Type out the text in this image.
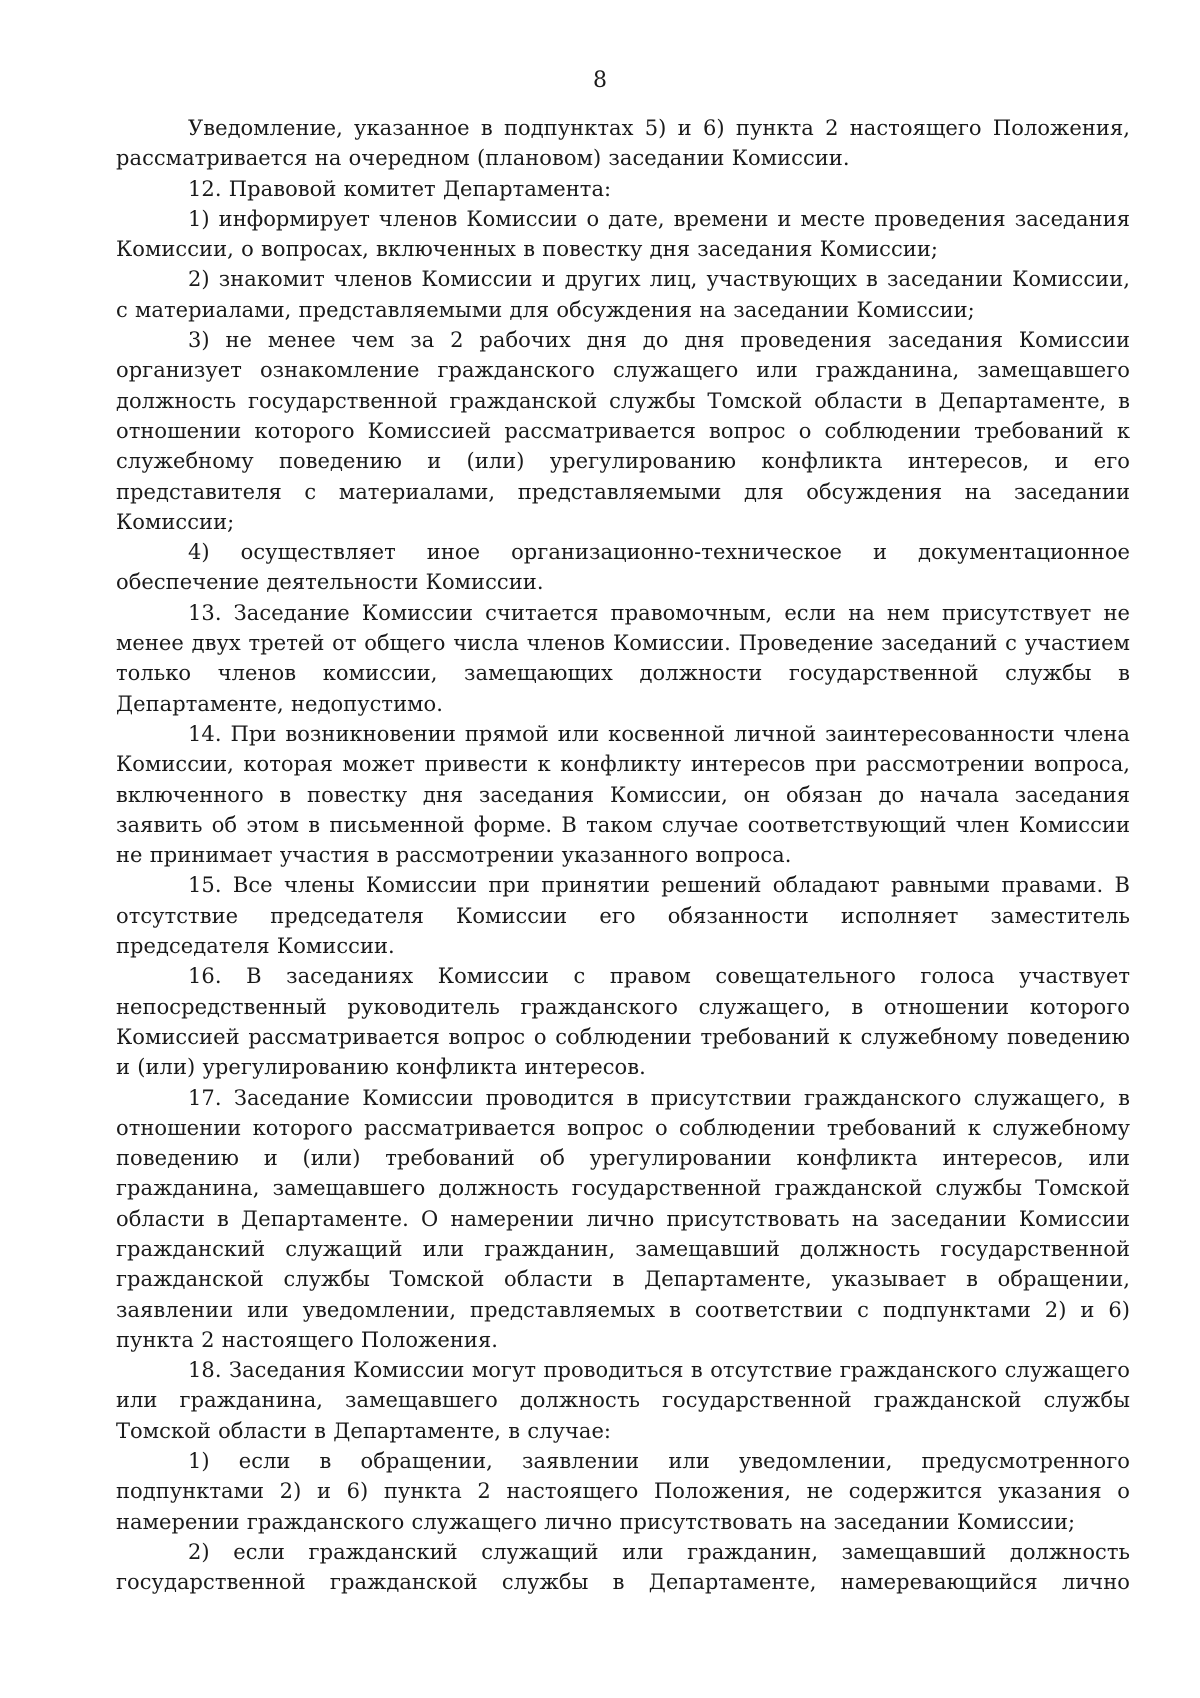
8

Уведомление, указанное в подпунктах 5) и 6) пункта 2 настоящего Положения, рассматривается на очередном (плановом) заседании Комиссии.

12. Правовой комитет Департамента:

1) информирует членов Комиссии о дате, времени и месте проведения заседания Комиссии, о вопросах, включенных в повестку дня заседания Комиссии;

2) знакомит членов Комиссии и других лиц, участвующих в заседании Комиссии, с материалами, представляемыми для обсуждения на заседании Комиссии;

3) не менее чем за 2 рабочих дня до дня проведения заседания Комиссии организует ознакомление гражданского служащего или гражданина, замещавшего должность государственной гражданской службы Томской области в Департаменте, в отношении которого Комиссией рассматривается вопрос о соблюдении требований к служебному поведению и (или) урегулированию конфликта интересов, и его представителя с материалами, представляемыми для обсуждения на заседании Комиссии;

4) осуществляет иное организационно-техническое и документационное обеспечение деятельности Комиссии.

13. Заседание Комиссии считается правомочным, если на нем присутствует не менее двух третей от общего числа членов Комиссии. Проведение заседаний с участием только членов комиссии, замещающих должности государственной службы в Департаменте, недопустимо.

14. При возникновении прямой или косвенной личной заинтересованности члена Комиссии, которая может привести к конфликту интересов при рассмотрении вопроса, включенного в повестку дня заседания Комиссии, он обязан до начала заседания заявить об этом в письменной форме. В таком случае соответствующий член Комиссии не принимает участия в рассмотрении указанного вопроса.

15. Все члены Комиссии при принятии решений обладают равными правами. В отсутствие председателя Комиссии его обязанности исполняет заместитель председателя Комиссии.

16. В заседаниях Комиссии с правом совещательного голоса участвует непосредственный руководитель гражданского служащего, в отношении которого Комиссией рассматривается вопрос о соблюдении требований к служебному поведению и (или) урегулированию конфликта интересов.

17. Заседание Комиссии проводится в присутствии гражданского служащего, в отношении которого рассматривается вопрос о соблюдении требований к служебному поведению и (или) требований об урегулировании конфликта интересов, или гражданина, замещавшего должность государственной гражданской службы Томской области в Департаменте. О намерении лично присутствовать на заседании Комиссии гражданский служащий или гражданин, замещавший должность государственной гражданской службы Томской области в Департаменте, указывает в обращении, заявлении или уведомлении, представляемых в соответствии с подпунктами 2) и 6) пункта 2 настоящего Положения.

18. Заседания Комиссии могут проводиться в отсутствие гражданского служащего или гражданина, замещавшего должность государственной гражданской службы Томской области в Департаменте, в случае:

1) если в обращении, заявлении или уведомлении, предусмотренного подпунктами 2) и 6) пункта 2 настоящего Положения, не содержится указания о намерении гражданского служащего лично присутствовать на заседании Комиссии;

2) если гражданский служащий или гражданин, замещавший должность государственной гражданской службы в Департаменте, намеревающийся лично
